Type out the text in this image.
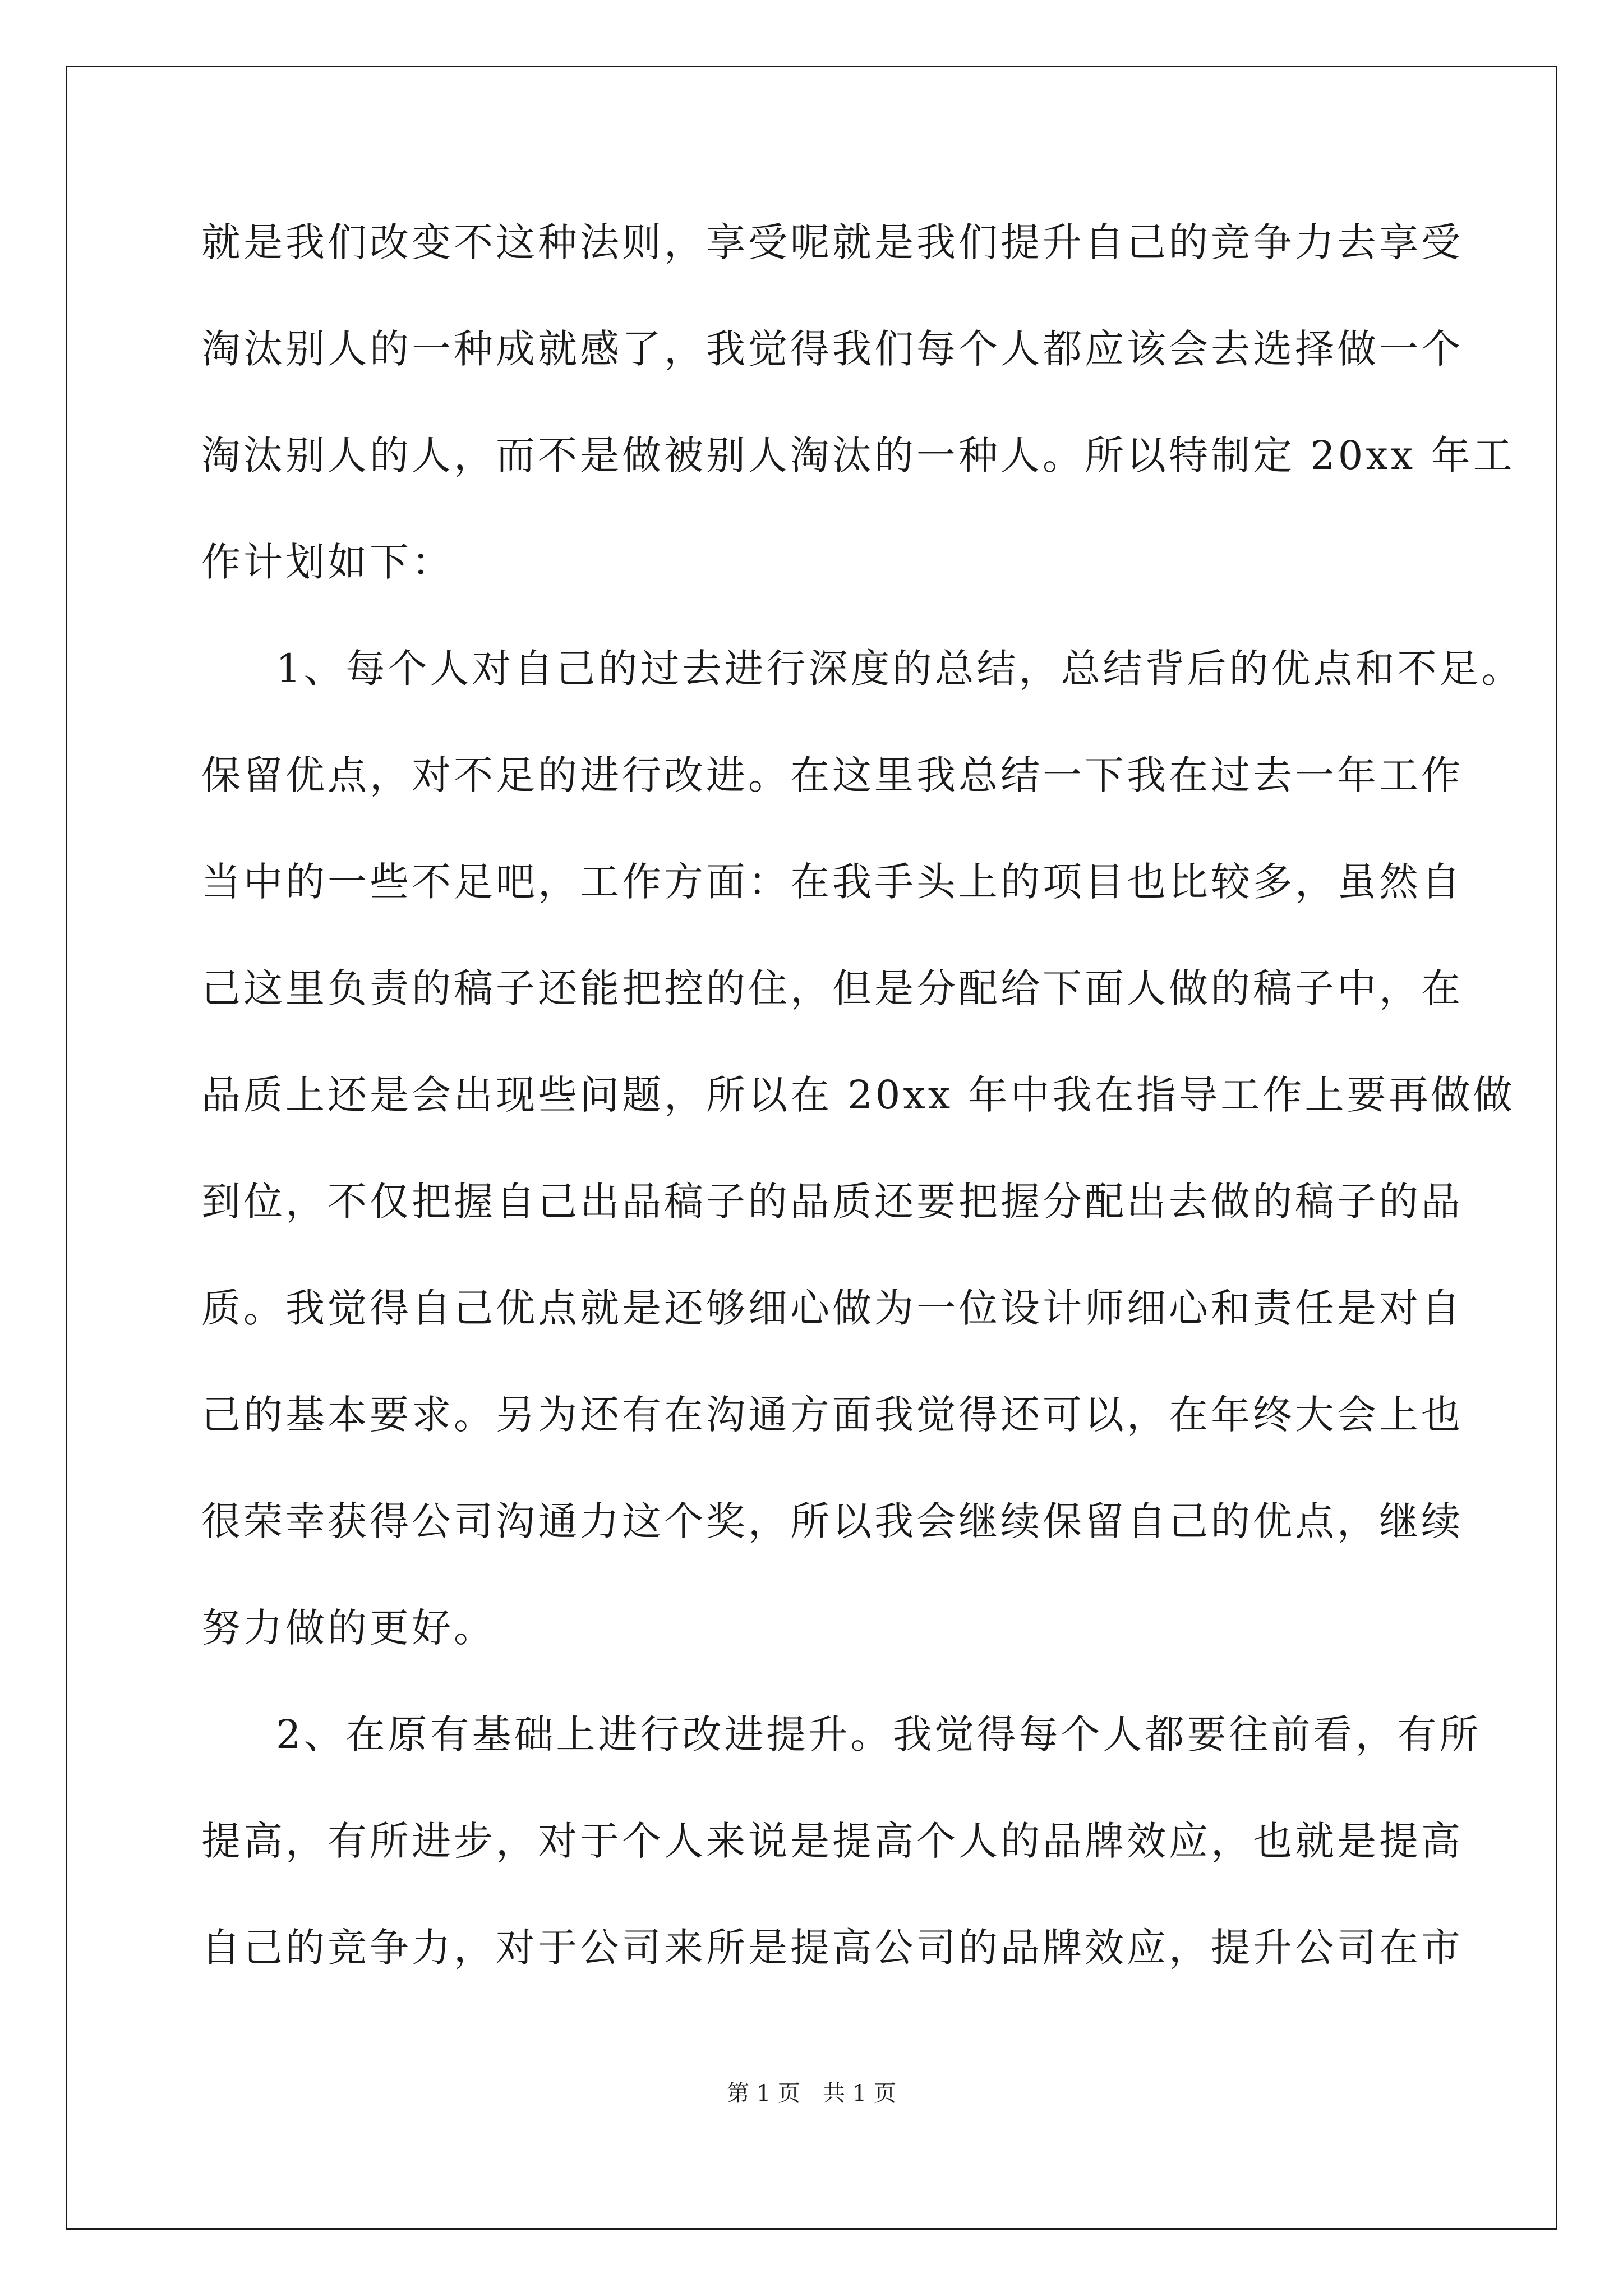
就是我们改变不这种法则，享受呢就是我们提升自己的竞争力去享受
淘汰别人的一种成就感了，我觉得我们每个人都应该会去选择做一个
淘汰别人的人，而不是做被别人淘汰的一种人。所以特制定 20xx 年工
作计划如下：
1、每个人对自己的过去进行深度的总结，总结背后的优点和不足。
保留优点，对不足的进行改进。在这里我总结一下我在过去一年工作
当中的一些不足吧，工作方面：在我手头上的项目也比较多，虽然自
己这里负责的稿子还能把控的住，但是分配给下面人做的稿子中，在
品质上还是会出现些问题，所以在 20xx 年中我在指导工作上要再做做
到位，不仅把握自己出品稿子的品质还要把握分配出去做的稿子的品
质。我觉得自己优点就是还够细心做为一位设计师细心和责任是对自
己的基本要求。另为还有在沟通方面我觉得还可以，在年终大会上也
很荣幸获得公司沟通力这个奖，所以我会继续保留自己的优点，继续
努力做的更好。
2、在原有基础上进行改进提升。我觉得每个人都要往前看，有所
提高，有所进步，对于个人来说是提高个人的品牌效应，也就是提高
自己的竞争力，对于公司来所是提高公司的品牌效应，提升公司在市
第 1 页　共 1 页
